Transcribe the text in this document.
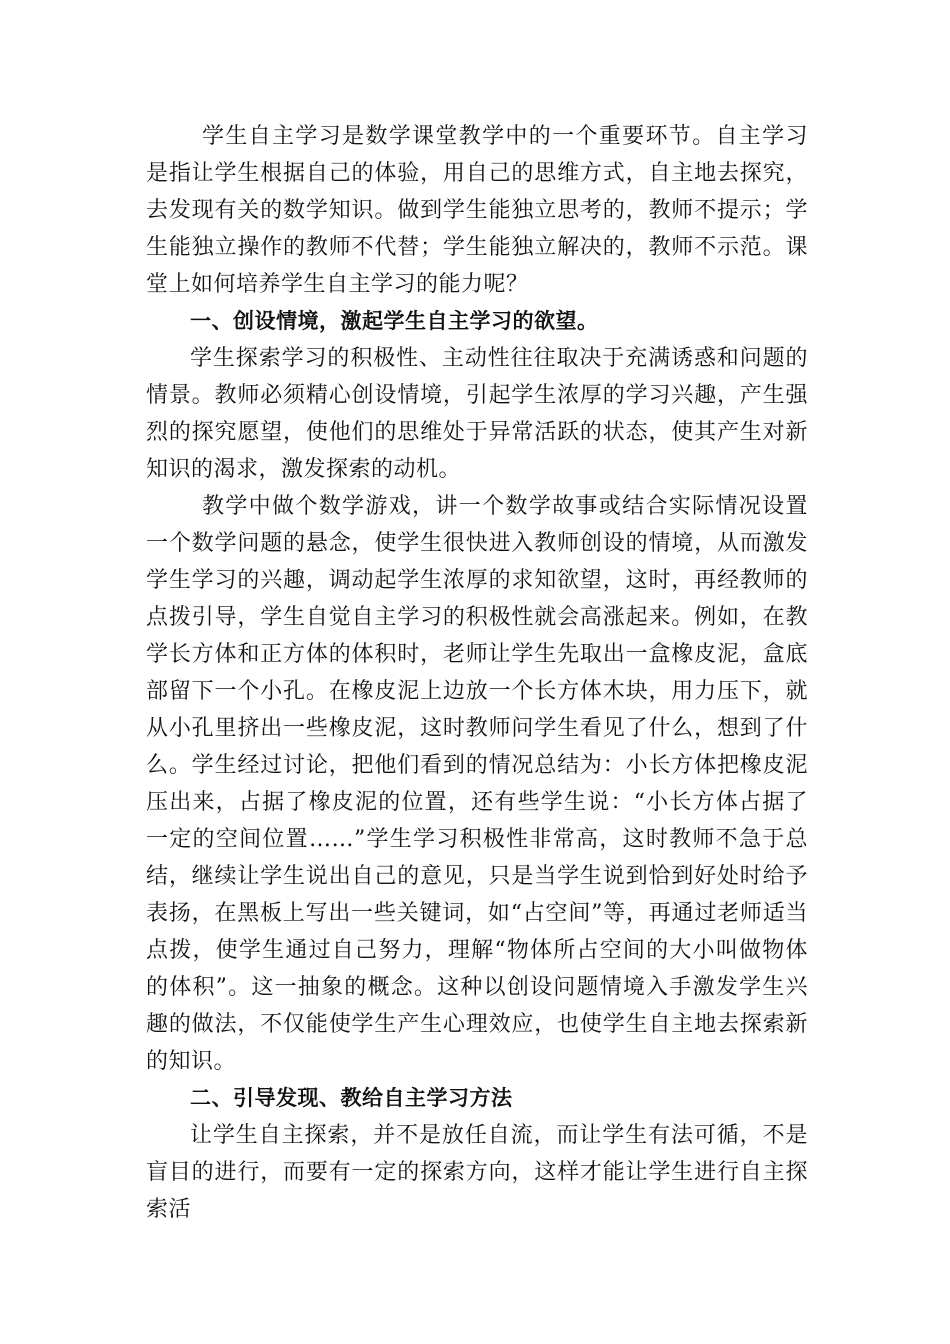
学生自主学习是数学课堂教学中的一个重要环节。自主学习是指让学生根据自己的体验，用自己的思维方式，自主地去探究，去发现有关的数学知识。做到学生能独立思考的，教师不提示；学生能独立操作的教师不代替；学生能独立解决的，教师不示范。课堂上如何培养学生自主学习的能力呢？

一、创设情境，激起学生自主学习的欲望。

学生探索学习的积极性、主动性往往取决于充满诱惑和问题的情景。教师必须精心创设情境，引起学生浓厚的学习兴趣，产生强烈的探究愿望，使他们的思维处于异常活跃的状态，使其产生对新知识的渴求，激发探索的动机。

教学中做个数学游戏，讲一个数学故事或结合实际情况设置一个数学问题的悬念，使学生很快进入教师创设的情境，从而激发学生学习的兴趣，调动起学生浓厚的求知欲望，这时，再经教师的点拨引导，学生自觉自主学习的积极性就会高涨起来。例如，在教学长方体和正方体的体积时，老师让学生先取出一盒橡皮泥，盒底部留下一个小孔。在橡皮泥上边放一个长方体木块，用力压下，就从小孔里挤出一些橡皮泥，这时教师问学生看见了什么，想到了什么。学生经过讨论，把他们看到的情况总结为：小长方体把橡皮泥压出来，占据了橡皮泥的位置，还有些学生说：“小长方体占据了一定的空间位置……”学生学习积极性非常高，这时教师不急于总结，继续让学生说出自己的意见，只是当学生说到恰到好处时给予表扬，在黑板上写出一些关键词，如“占空间”等，再通过老师适当点拨，使学生通过自己努力，理解“物体所占空间的大小叫做物体的体积”。这一抽象的概念。这种以创设问题情境入手激发学生兴趣的做法，不仅能使学生产生心理效应，也使学生自主地去探索新的知识。

二、引导发现、教给自主学习方法

让学生自主探索，并不是放任自流，而让学生有法可循，不是盲目的进行，而要有一定的探索方向，这样才能让学生进行自主探索活
